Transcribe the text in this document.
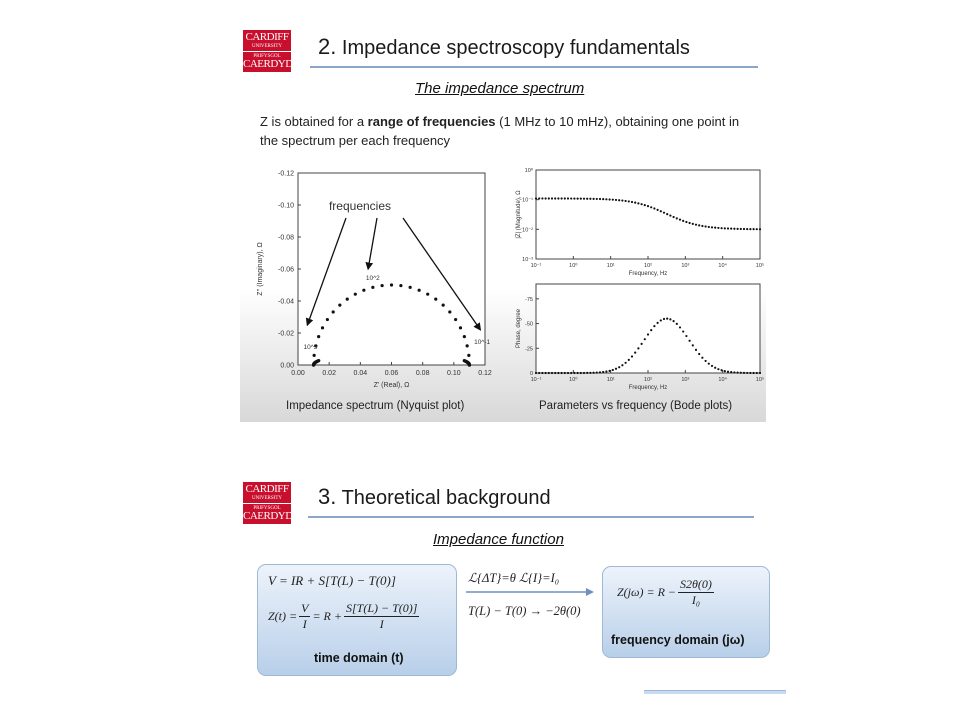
CARDIFF
UNIVERSITY
PRIFYSGOL
CAERDYDD
2. Impedance spectroscopy fundamentals
The impedance spectrum
Z is obtained for a range of frequencies (1 MHz to 10 mHz), obtaining one point in the spectrum per each frequency
0.00	0.02	0.04	0.06	0.08	0.10	0.12
0.00
-0.02
-0.04
-0.06
-0.08
-0.10
-0.12
Z' (Real), Ω
Z'' (Imaginary), Ω
frequencies
10^2
10^5
10^-1
10⁻¹	10⁰	10¹	10²	10³	10⁴	10⁵
Frequency, Hz
|Z| (Magnitude), Ω
10⁰
10⁻¹
10⁻²
10⁻³
10⁻¹	10⁰	10¹	10²	10³	10⁴	10⁵
Frequency, Hz
Phase, degree
0
-25
-50
-75
Impedance spectrum (Nyquist plot)	Parameters vs frequency (Bode plots)
CARDIFF
UNIVERSITY
PRIFYSGOL
CAERDYDD
3. Theoretical background
Impedance function
V = IR + S[T(L) − T(0)]
$Z(t) = \frac{V}{I} = R + \frac{S[T(L) - T(0)]}{I}$
time domain (t)
ℒ{ΔT}=θ ℒ{I}=I₀
T(L) − T(0) → −2θ(0)
$Z(j\omega) = R - \frac{S2\theta(0)}{\text{I₀}}$
frequency domain (jω)
